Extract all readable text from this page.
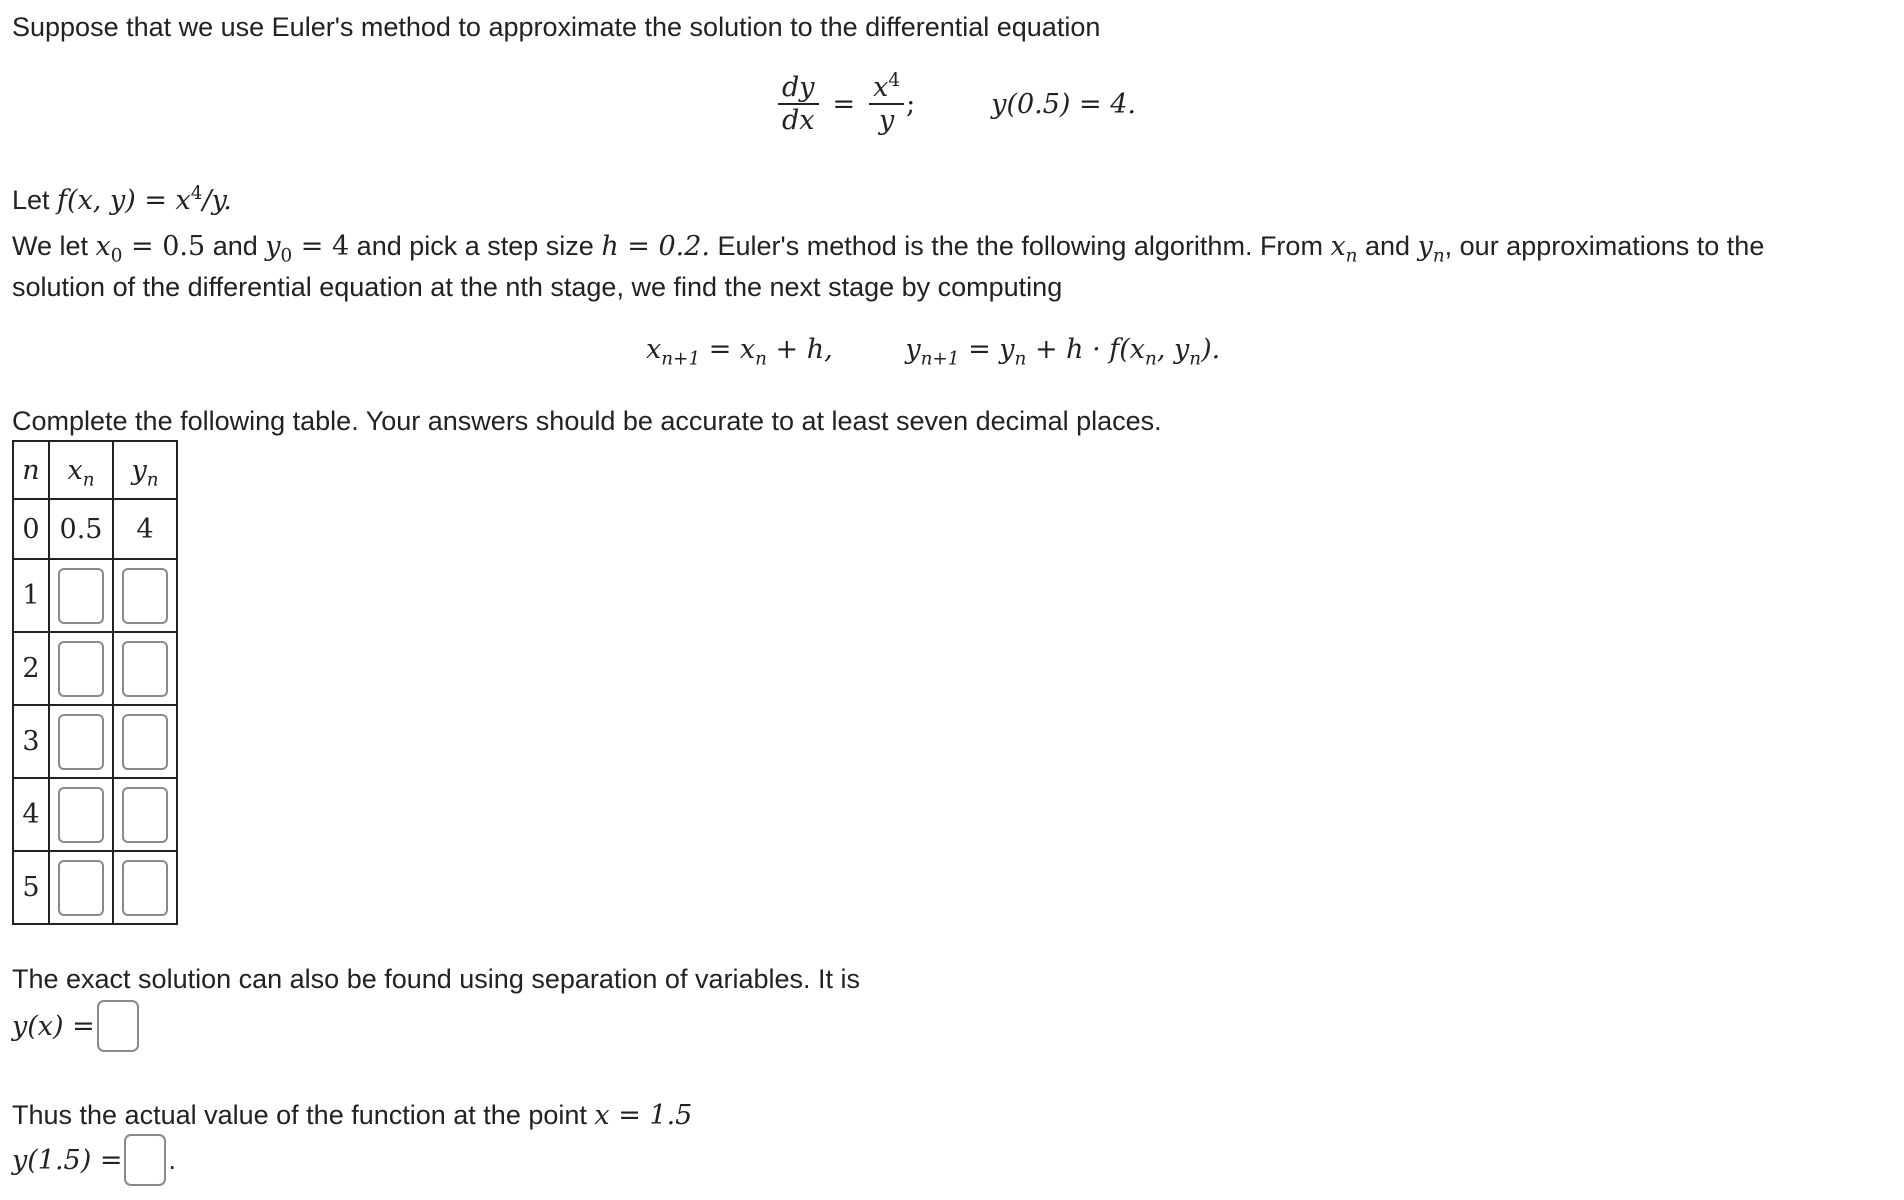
Suppose that we use Euler's method to approximate the solution to the differential equation
$\frac{dy}{dx} = \frac{x^4}{y}$ ;	y(0.5) = 4.
Let f(x, $y) = x^4/y$.
We let $x_0 = 0.5$ and $y_0 = 4$ and pick a step size h = 0.2. Euler's method is the the following algorithm. From $x_n$ and $y_n$, our approximations to the
solution of the differential equation at the nth stage, we find the next stage by computing
$x_{n+1} = x_n + h$,	$y_{n+1} = y_n + h \cdot f(x_n$, $y_n$).
Complete the following table. Your answers should be accurate to at least seven decimal places.
n	$x_n$	$y_n$
0	0.5	4
1		
2		
3		
4		
5		
The exact solution can also be found using separation of variables. It is
y(x) =
Thus the actual value of the function at the point x = 1.5
y(1.5) = .
